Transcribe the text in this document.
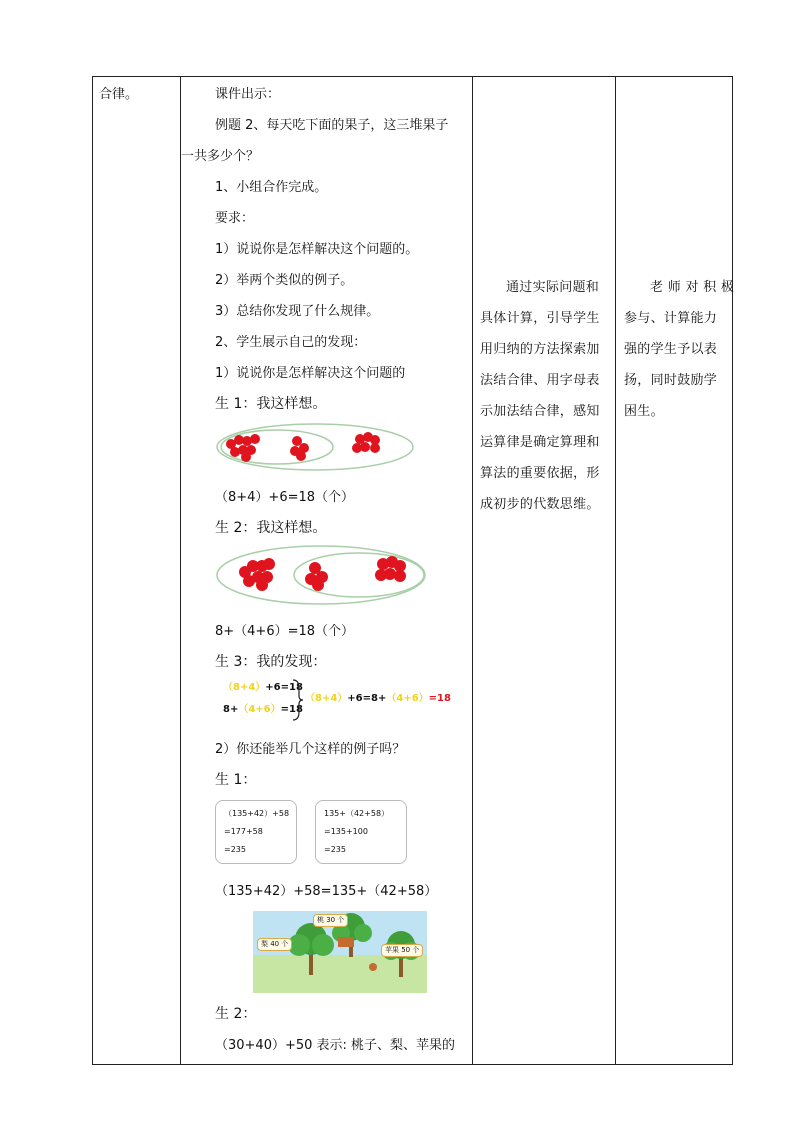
合律。	课件出示：

例题 2、每天吃下面的果子，这三堆果子

一共多少个？

1、小组合作完成。

要求：

1）说说你是怎样解决这个问题的。

2）举两个类似的例子。

3）总结你发现了什么规律。

2、学生展示自己的发现：

1）说说你是怎样解决这个问题的

生 1：我这样想。

（8+4）+6=18（个）

生 2：我这样想。

8+（4+6）=18（个）

生 3：我的发现：

（8+4）+6=18
8+（4+6）=18
（8+4）+6=8+（4+6）=18

2）你还能举几个这样的例子吗？

生 1：

（135+42）+58
=177+58
=235
135+（42+58）
=135+100
=235

（135+42）+58=135+（42+58）

桃 30 个
梨 40 个
苹果 50 个

生 2：

（30+40）+50 表示: 桃子、梨、苹果的

通过实际问题和

具体计算，引导学生

用归纳的方法探索加

法结合律、用字母表

示加法结合律，感知

运算律是确定算理和

算法的重要依据，形

成初步的代数思维。

老 师 对 积 极

参与、计算能力

强的学生予以表

扬，同时鼓励学

困生。
